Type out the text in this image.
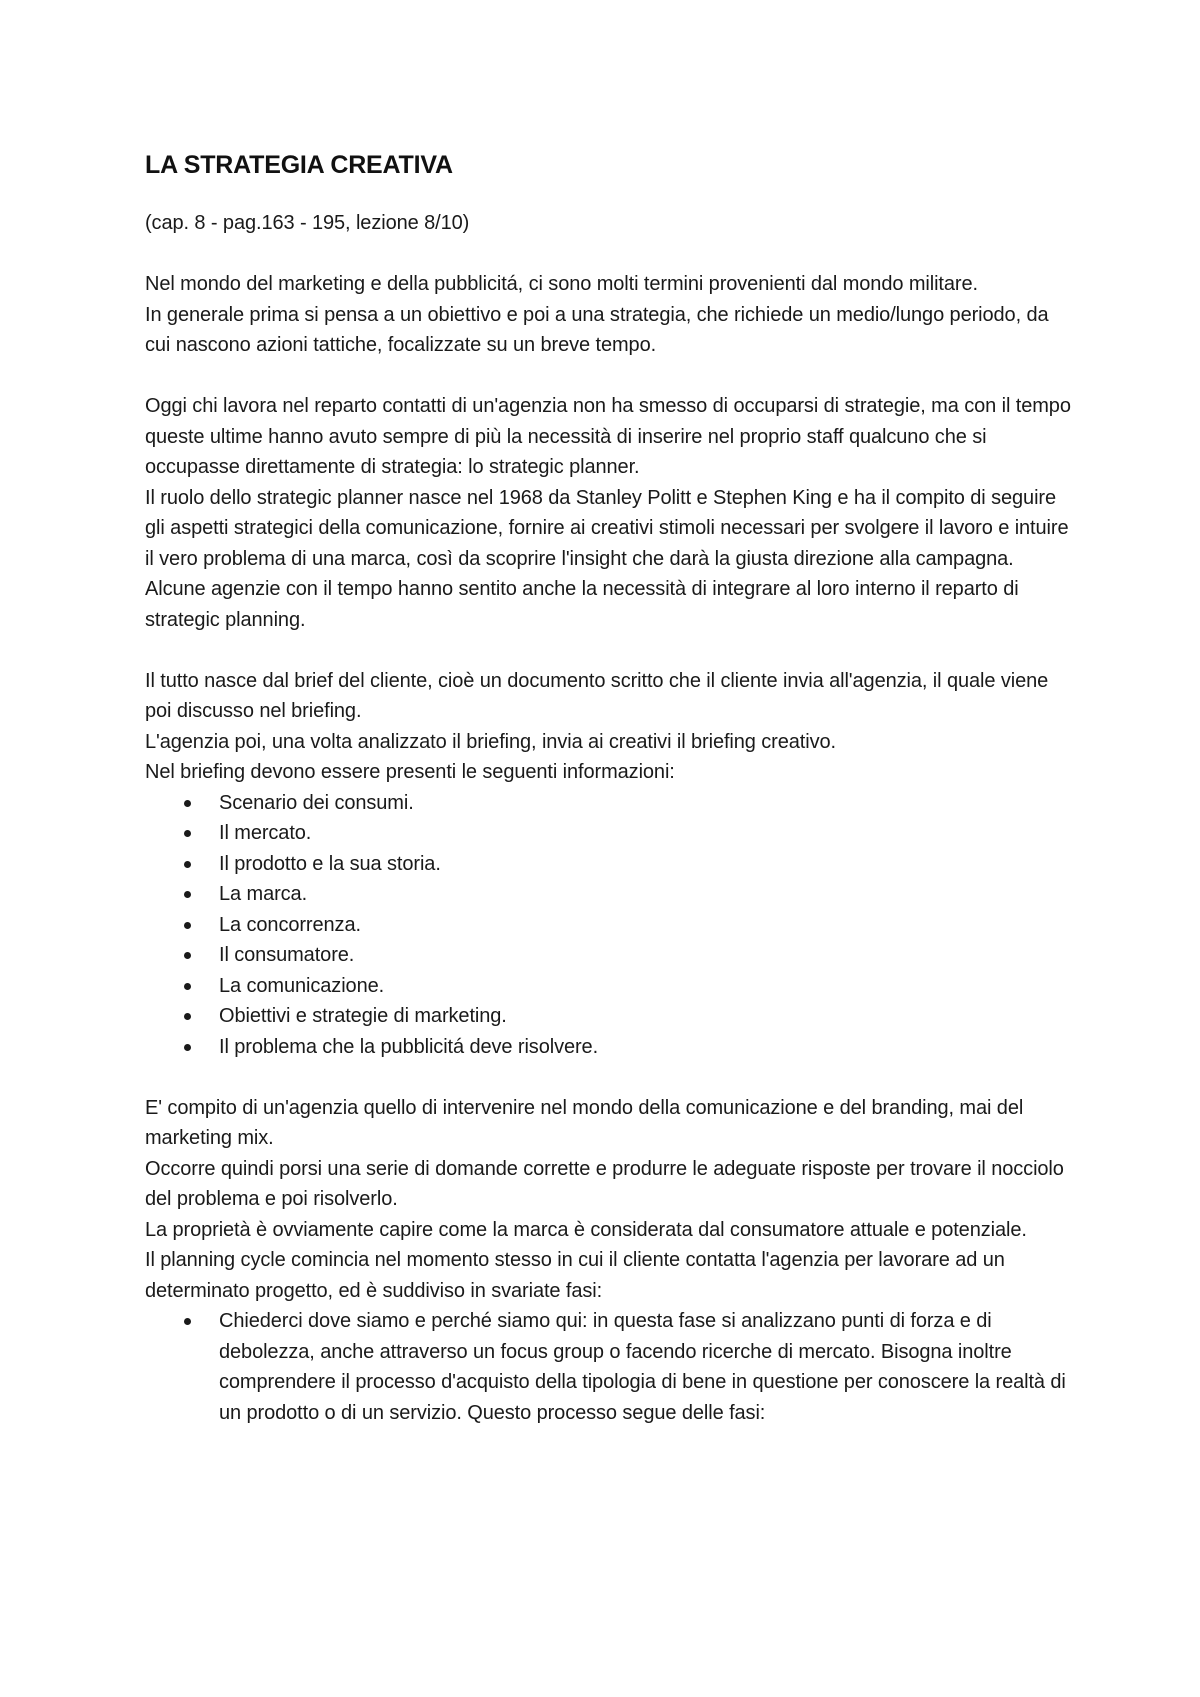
LA STRATEGIA CREATIVA

(cap. 8 - pag.163 - 195, lezione 8/10)

Nel mondo del marketing e della pubblicitá, ci sono molti termini provenienti dal mondo militare.

In generale prima si pensa a un obiettivo e poi a una strategia, che richiede un medio/lungo periodo, da cui nascono azioni tattiche, focalizzate su un breve tempo.

Oggi chi lavora nel reparto contatti di un'agenzia non ha smesso di occuparsi di strategie, ma con il tempo queste ultime hanno avuto sempre di più la necessità di inserire nel proprio staff qualcuno che si occupasse direttamente di strategia: lo strategic planner.

Il ruolo dello strategic planner nasce nel 1968 da Stanley Politt e Stephen King e ha il compito di seguire gli aspetti strategici della comunicazione, fornire ai creativi stimoli necessari per svolgere il lavoro e intuire il vero problema di una marca, così da scoprire l'insight che darà la giusta direzione alla campagna.

Alcune agenzie con il tempo hanno sentito anche la necessità di integrare al loro interno il reparto di strategic planning.

Il tutto nasce dal brief del cliente, cioè un documento scritto che il cliente invia all'agenzia, il quale viene poi discusso nel briefing.

L'agenzia poi, una volta analizzato il briefing, invia ai creativi il briefing creativo.

Nel briefing devono essere presenti le seguenti informazioni:

Scenario dei consumi.
Il mercato.
Il prodotto e la sua storia.
La marca.
La concorrenza.
Il consumatore.
La comunicazione.
Obiettivi e strategie di marketing.
Il problema che la pubblicitá deve risolvere.

E' compito di un'agenzia quello di intervenire nel mondo della comunicazione e del branding, mai del marketing mix.

Occorre quindi porsi una serie di domande corrette e produrre le adeguate risposte per trovare il nocciolo del problema e poi risolverlo.

La proprietà è ovviamente capire come la marca è considerata dal consumatore attuale e potenziale.

Il planning cycle comincia nel momento stesso in cui il cliente contatta l'agenzia per lavorare ad un determinato progetto, ed è suddiviso in svariate fasi:

Chiederci dove siamo e perché siamo qui: in questa fase si analizzano punti di forza e di debolezza, anche attraverso un focus group o facendo ricerche di mercato. Bisogna inoltre comprendere il processo d'acquisto della tipologia di bene in questione per conoscere la realtà di un prodotto o di un servizio. Questo processo segue delle fasi:
